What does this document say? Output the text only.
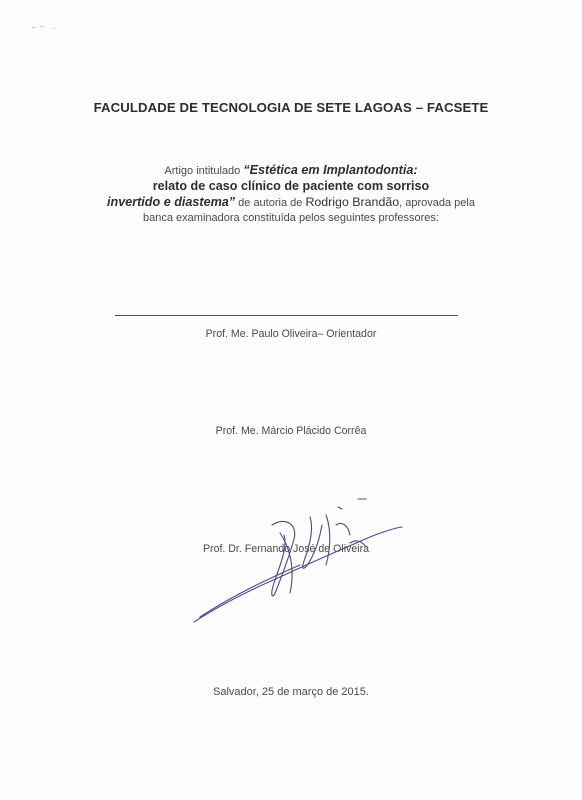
FACULDADE DE TECNOLOGIA DE SETE LAGOAS – FACSETE
Artigo intitulado “Estética em Implantodontia:
relato de caso clínico de paciente com sorriso
invertido e diastema” de autoria de Rodrigo Brandão, aprovada pela
banca examinadora constituída pelos seguintes professores:
Prof. Me. Paulo Oliveira– Orientador
Prof. Me. Márcio Plácido Corrêa
Prof. Dr. Fernando José de Oliveira
Salvador, 25 de março de 2015.
